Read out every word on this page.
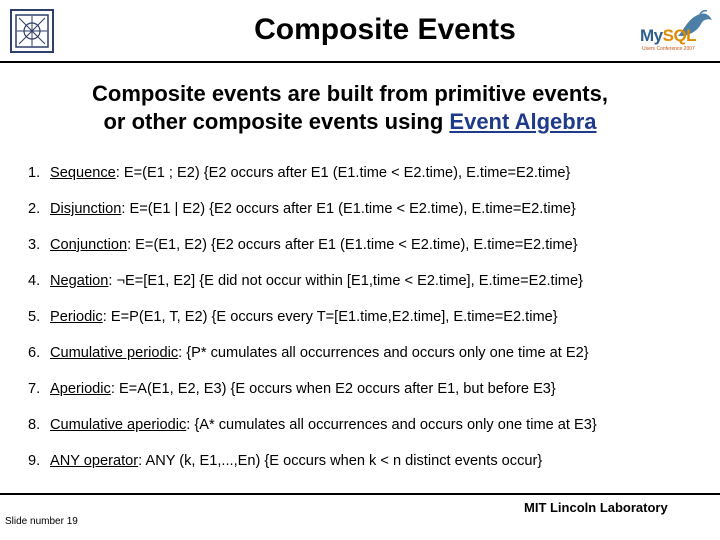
Composite Events	MySQL
Users Conference 2007
Composite events are built from primitive events,
or other composite events using Event Algebra
1. Sequence: E=(E1 ; E2) {E2 occurs after E1 (E1.time < E2.time), E.time=E2.time}
2. Disjunction: E=(E1 | E2) {E2 occurs after E1 (E1.time < E2.time), E.time=E2.time}
3. Conjunction: E=(E1, E2) {E2 occurs after E1 (E1.time < E2.time), E.time=E2.time}
4. Negation: ¬E=[E1, E2] {E did not occur within [E1,time < E2.time], E.time=E2.time}
5. Periodic: E=P(E1, T, E2) {E occurs every T=[E1.time,E2.time], E.time=E2.time}
6. Cumulative periodic: {P* cumulates all occurrences and occurs only one time at E2}
7. Aperiodic: E=A(E1, E2, E3) {E occurs when E2 occurs after E1, but before E3}
8. Cumulative aperiodic: {A* cumulates all occurrences and occurs only one time at E3}
9. ANY operator: ANY (k, E1,...,En) {E occurs when k < n distinct events occur}
MIT Lincoln Laboratory
Slide number 19
